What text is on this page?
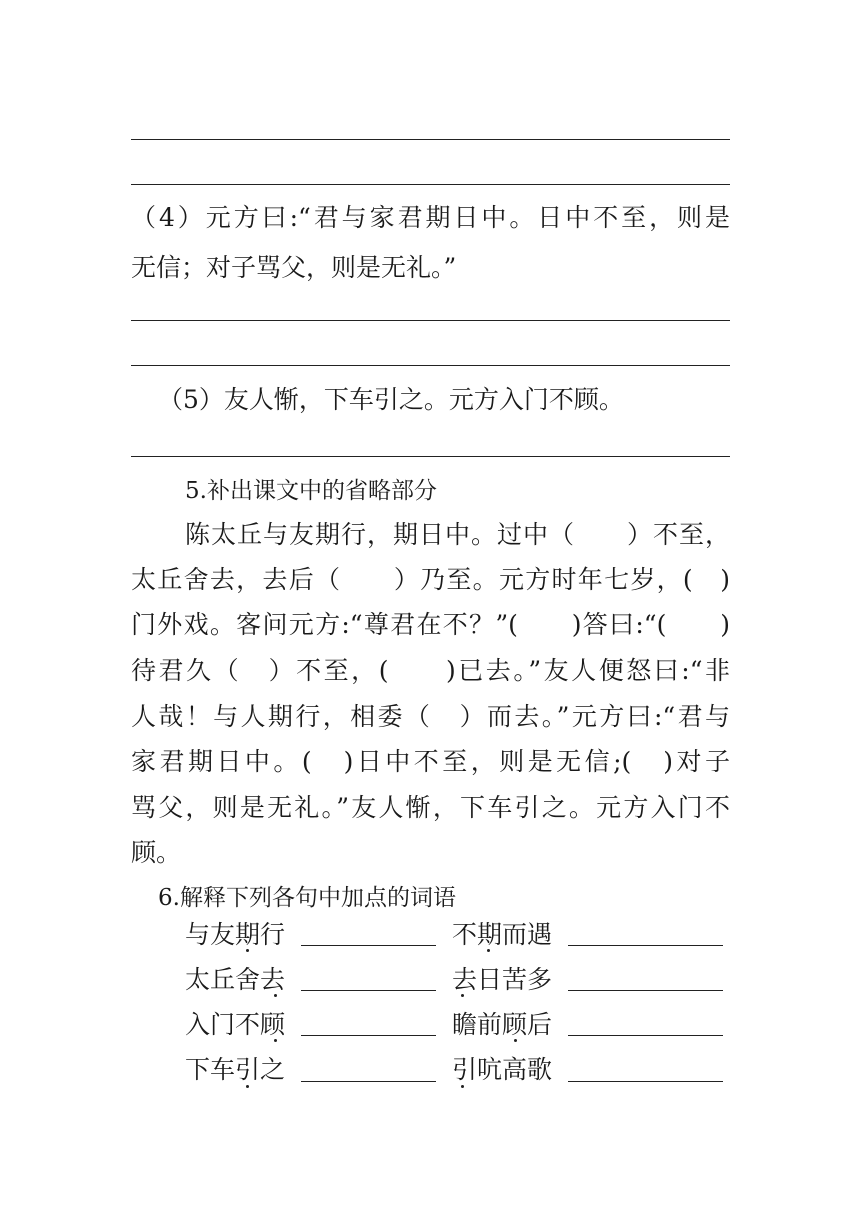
（4）元方曰:“君与家君期日中。日中不至，则是
无信；对子骂父，则是无礼。”
（5）友人惭，下车引之。元方入门不顾。
5.补出课文中的省略部分
陈太丘与友期行，期日中。过中（　　）不至，
太丘舍去，去后（　　）乃至。元方时年七岁，(　)
门外戏。客问元方:“尊君在不？”(　　)答曰:“(　　)
待君久（　）不至，(　　)已去。”友人便怒曰:“非
人哉！与人期行，相委（　）而去。”元方曰:“君与
家君期日中。(　)日中不至，则是无信;(　)对子
骂父，则是无礼。”友人惭，下车引之。元方入门不
顾。
6.解释下列各句中加点的词语
与友期行	不期而遇
太丘舍去	去日苦多
入门不顾	瞻前顾后
下车引之	引吭高歌
